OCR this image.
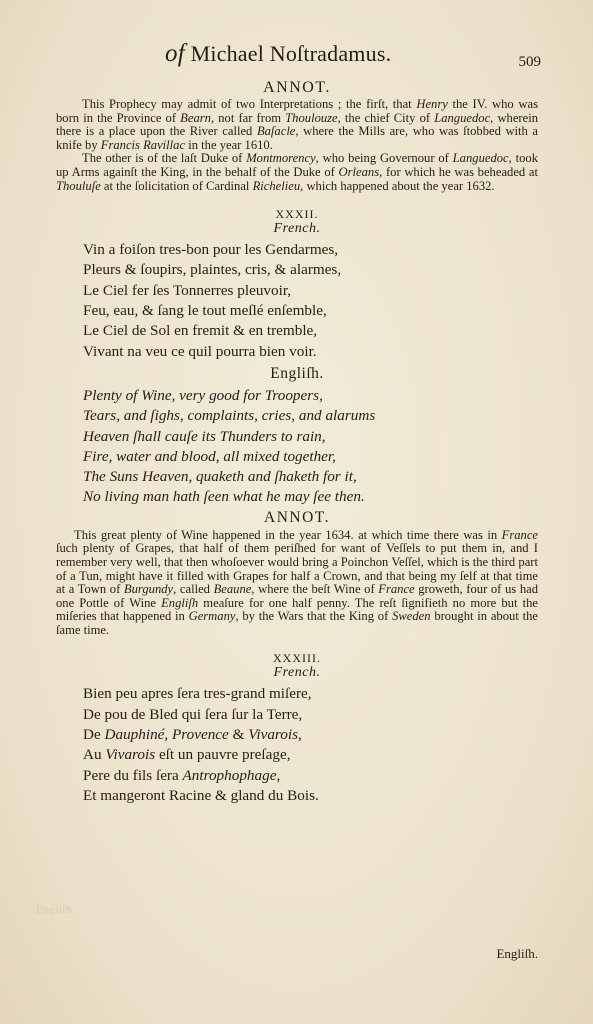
of Michael Noſtradamus.	509
ANNOT.

This Prophecy may admit of two Interpretations ; the firſt, that Henry the IV. who was born in the Province of Bearn, not far from Thoulouze, the chief City of Languedoc, wherein there is a place upon the River called Baſacle, where the Mills are, who was ſtobbed with a knife by Francis Ravillac in the year 1610.

The other is of the laſt Duke of Montmorency, who being Governour of Languedoc, took up Arms againſt the King, in the behalf of the Duke of Orleans, for which he was beheaded at Thouluſe at the ſolicitation of Cardinal Richelieu, which happened about the year 1632.

XXXII.
French.
Vin a foiſon tres-bon pour les Gendarmes,
Pleurs & ſoupirs, plaintes, cris, & alarmes,
Le Ciel fer ſes Tonnerres pleuvoir,
Feu, eau, & ſang le tout meſlé enſemble,
Le Ciel de Sol en fremit & en tremble,
Vivant na veu ce quil pourra bien voir.
Engliſh.
Plenty of Wine, very good for Troopers,
Tears, and ſighs, complaints, cries, and alarums
Heaven ſhall cauſe its Thunders to rain,
Fire, water and blood, all mixed together,
The Suns Heaven, quaketh and ſhaketh for it,
No living man hath ſeen what he may ſee then.
ANNOT.

This great plenty of Wine happened in the year 1634. at which time there was in France ſuch plenty of Grapes, that half of them periſhed for want of Veſſels to put them in, and I remember very well, that then whoſoever would bring a Poinchon Veſſel, which is the third part of a Tun, might have it filled with Grapes for half a Crown, and that being my ſelf at that time at a Town of Burgundy, called Beaune, where the beſt Wine of France groweth, four of us had one Pottle of Wine Engliſh meaſure for one half penny. The reſt ſignifieth no more but the miſeries that happened in Germany, by the Wars that the King of Sweden brought in about the ſame time.

XXXIII.
French.
Bien peu apres ſera tres-grand miſere,
De pou de Bled qui ſera ſur la Terre,
De Dauphiné, Provence & Vivarois,
Au Vivarois eſt un pauvre preſage,
Pere du fils ſera Antrophophage,
Et mangeront Racine & gland du Bois.
Engliſh.
Engliſh.
